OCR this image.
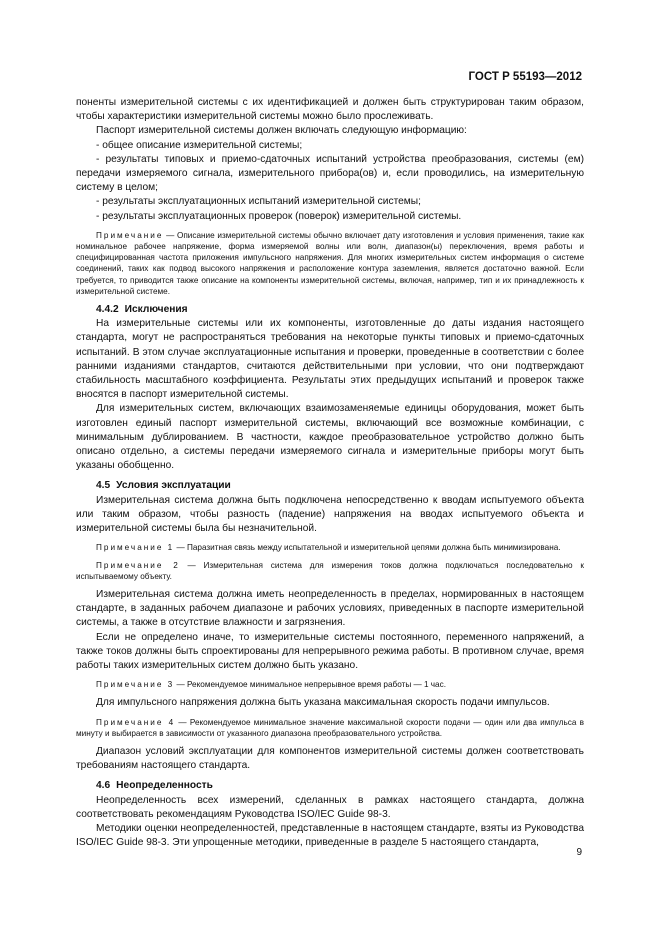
ГОСТ Р 55193—2012

поненты измерительной системы с их идентификацией и должен быть структурирован таким образом, чтобы характеристики измерительной системы можно было прослеживать.

Паспорт измерительной системы должен включать следующую информацию:

- общее описание измерительной системы;

- результаты типовых и приемо-сдаточных испытаний устройства преобразования, системы (ем) передачи измеряемого сигнала, измерительного прибора(ов) и, если проводились, на измерительную систему в целом;

- результаты эксплуатационных испытаний измерительной системы;

- результаты эксплуатационных проверок (поверок) измерительной системы.

Примечание — Описание измерительной системы обычно включает дату изготовления и условия применения, такие как номинальное рабочее напряжение, форма измеряемой волны или волн, диапазон(ы) переключения, время работы и специфицированная частота приложения импульсного напряжения. Для многих измерительных систем информация о системе соединений, таких как подвод высокого напряжения и расположение контура заземления, является достаточно важной. Если требуется, то приводится также описание на компоненты измерительной системы, включая, например, тип и их принадлежность к измерительной системе.

4.4.2 Исключения

На измерительные системы или их компоненты, изготовленные до даты издания настоящего стандарта, могут не распространяться требования на некоторые пункты типовых и приемо-сдаточных испытаний. В этом случае эксплуатационные испытания и проверки, проведенные в соответствии с более ранними изданиями стандартов, считаются действительными при условии, что они подтверждают стабильность масштабного коэффициента. Результаты этих предыдущих испытаний и проверок также вносятся в паспорт измерительной системы.

Для измерительных систем, включающих взаимозаменяемые единицы оборудования, может быть изготовлен единый паспорт измерительной системы, включающий все возможные комбинации, с минимальным дублированием. В частности, каждое преобразовательное устройство должно быть описано отдельно, а системы передачи измеряемого сигнала и измерительные приборы могут быть указаны обобщенно.

4.5 Условия эксплуатации

Измерительная система должна быть подключена непосредственно к вводам испытуемого объекта или таким образом, чтобы разность (падение) напряжения на вводах испытуемого объекта и измерительной системы была бы незначительной.

Примечание 1 — Паразитная связь между испытательной и измерительной цепями должна быть минимизирована.

Примечание 2 — Измерительная система для измерения токов должна подключаться последовательно к испытываемому объекту.

Измерительная система должна иметь неопределенность в пределах, нормированных в настоящем стандарте, в заданных рабочем диапазоне и рабочих условиях, приведенных в паспорте измерительной системы, а также в отсутствие влажности и загрязнения.

Если не определено иначе, то измерительные системы постоянного, переменного напряжений, а также токов должны быть спроектированы для непрерывного режима работы. В противном случае, время работы таких измерительных систем должно быть указано.

Примечание 3 — Рекомендуемое минимальное непрерывное время работы — 1 час.

Для импульсного напряжения должна быть указана максимальная скорость подачи импульсов.

Примечание 4 — Рекомендуемое минимальное значение максимальной скорости подачи — один или два импульса в минуту и выбирается в зависимости от указанного диапазона преобразовательного устройства.

Диапазон условий эксплуатации для компонентов измерительной системы должен соответствовать требованиям настоящего стандарта.

4.6 Неопределенность

Неопределенность всех измерений, сделанных в рамках настоящего стандарта, должна соответствовать рекомендациям Руководства ISO/IEC Guide 98-3.

Методики оценки неопределенностей, представленные в настоящем стандарте, взяты из Руководства ISO/IEC Guide 98-3. Эти упрощенные методики, приведенные в разделе 5 настоящего стандарта,

9
